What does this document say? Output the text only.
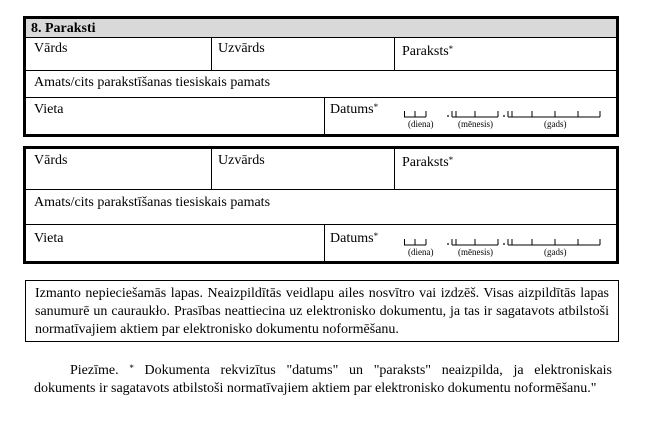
8. Paraksti
Vārds	Uzvārds	Paraksts*
Amats/cits parakstīšanas tiesiskais pamats
Vieta	Datums*
(diena)	(mēnesis)	(gads)
Vārds	Uzvārds	Paraksts*
Amats/cits parakstīšanas tiesiskais pamats
Vieta	Datums*
(diena)	(mēnesis)	(gads)
Izmanto nepieciešamās lapas. Neaizpildītās veidlapu ailes nosvītro vai izdzēš. Visas aizpildītās lapas sanumurē un cauraukło. Prasības neattiecina uz elektronisko dokumentu, ja tas ir sagatavots atbilstoši normatīvajiem aktiem par elektronisko dokumentu noformēšanu.
Piezīme. * Dokumenta rekvizītus "datums" un "paraksts" neaizpilda, ja elektroniskais dokuments ir sagatavots atbilstoši normatīvajiem aktiem par elektronisko dokumentu noformēšanu."
